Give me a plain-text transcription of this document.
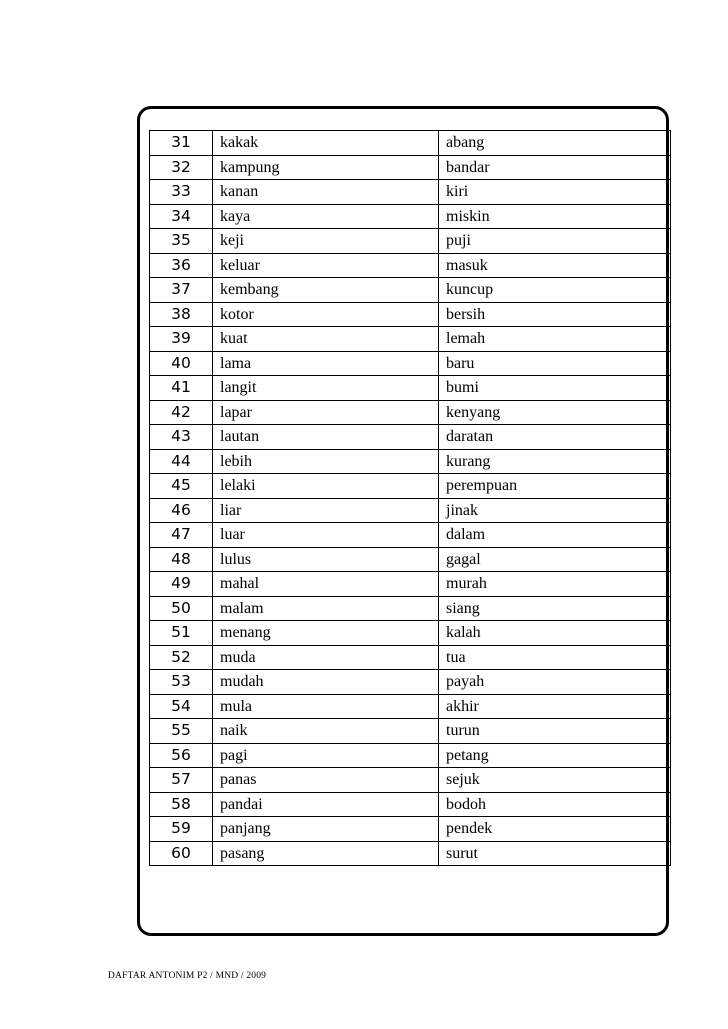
31	kakak	abang
32	kampung	bandar
33	kanan	kiri
34	kaya	miskin
35	keji	puji
36	keluar	masuk
37	kembang	kuncup
38	kotor	bersih
39	kuat	lemah
40	lama	baru
41	langit	bumi
42	lapar	kenyang
43	lautan	daratan
44	lebih	kurang
45	lelaki	perempuan
46	liar	jinak
47	luar	dalam
48	lulus	gagal
49	mahal	murah
50	malam	siang
51	menang	kalah
52	muda	tua
53	mudah	payah
54	mula	akhir
55	naik	turun
56	pagi	petang
57	panas	sejuk
58	pandai	bodoh
59	panjang	pendek
60	pasang	surut
DAFTAR ANTONIM P2 / MND / 2009
